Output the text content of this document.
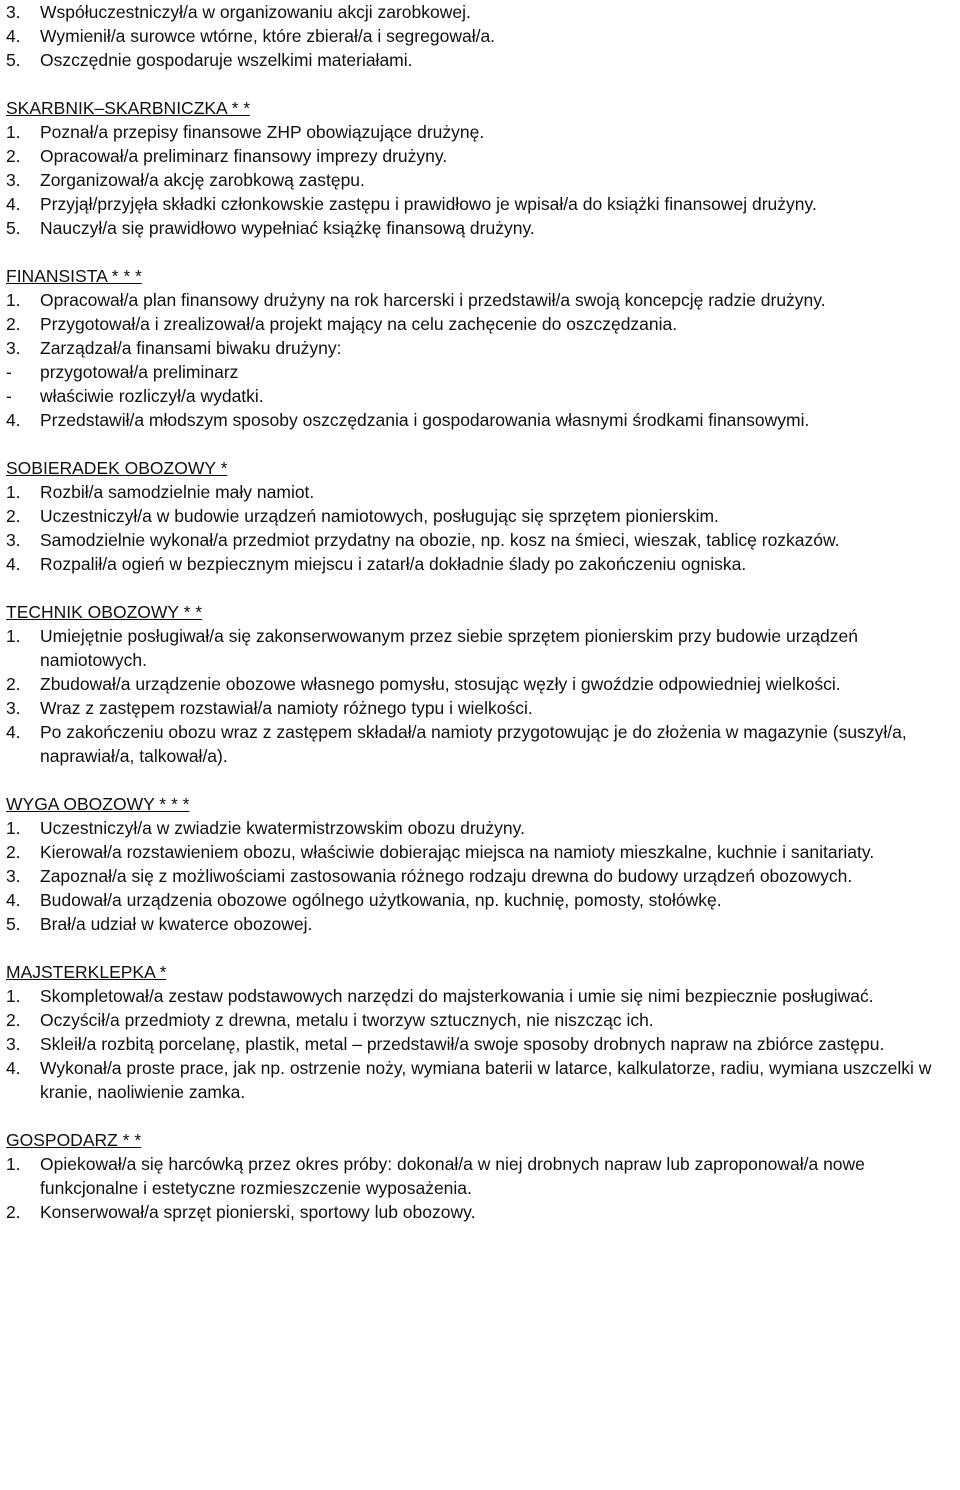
3.	Współuczestniczył/a w organizowaniu akcji zarobkowej.
4.	Wymienił/a surowce wtórne, które zbierał/a i segregował/a.
5.	Oszczędnie gospodaruje wszelkimi materiałami.
SKARBNIK–SKARBNICZKA * *
1.	Poznał/a przepisy finansowe ZHP obowiązujące drużynę.
2.	Opracował/a preliminarz finansowy imprezy drużyny.
3.	Zorganizował/a akcję zarobkową zastępu.
4.	Przyjął/przyjęła składki członkowskie zastępu i prawidłowo je wpisał/a do książki finansowej drużyny.
5.	Nauczył/a się prawidłowo wypełniać książkę finansową drużyny.
FINANSISTA * * *
1.	Opracował/a plan finansowy drużyny na rok harcerski i przedstawił/a swoją koncepcję radzie drużyny.
2.	Przygotował/a i zrealizował/a projekt mający na celu zachęcenie do oszczędzania.
3.	Zarządzał/a finansami biwaku drużyny:
-	przygotował/a preliminarz
-	właściwie rozliczył/a wydatki.
4.	Przedstawił/a młodszym sposoby oszczędzania i gospodarowania własnymi środkami finansowymi.
SOBIERADEK OBOZOWY *
1.	Rozbił/a samodzielnie mały namiot.
2.	Uczestniczył/a w budowie urządzeń namiotowych, posługując się sprzętem pionierskim.
3.	Samodzielnie wykonał/a przedmiot przydatny na obozie, np. kosz na śmieci, wieszak, tablicę rozkazów.
4.	Rozpalił/a ogień w bezpiecznym miejscu i zatarł/a dokładnie ślady po zakończeniu ogniska.
TECHNIK OBOZOWY * *
1.	Umiejętnie posługiwał/a się zakonserwowanym przez siebie sprzętem pionierskim przy budowie urządzeń namiotowych.
2.	Zbudował/a urządzenie obozowe własnego pomysłu, stosując węzły i gwoździe odpowiedniej wielkości.
3.	Wraz z zastępem rozstawiał/a namioty różnego typu i wielkości.
4.	Po zakończeniu obozu wraz z zastępem składał/a namioty przygotowując je do złożenia w magazynie (suszył/a, naprawiał/a, talkował/a).
WYGA OBOZOWY * * *
1.	Uczestniczył/a w zwiadzie kwatermistrzowskim obozu drużyny.
2.	Kierował/a rozstawieniem obozu, właściwie dobierając miejsca na namioty mieszkalne, kuchnie i sanitariaty.
3.	Zapoznał/a się z możliwościami zastosowania różnego rodzaju drewna do budowy urządzeń obozowych.
4.	Budował/a urządzenia obozowe ogólnego użytkowania, np. kuchnię, pomosty, stołówkę.
5.	Brał/a udział w kwaterce obozowej.
MAJSTERKLEPKA *
1.	Skompletował/a zestaw podstawowych narzędzi do majsterkowania i umie się nimi bezpiecznie posługiwać.
2.	Oczyścił/a przedmioty z drewna, metalu i tworzyw sztucznych, nie niszcząc ich.
3.	Skleił/a rozbitą porcelanę, plastik, metal – przedstawił/a swoje sposoby drobnych napraw na zbiórce zastępu.
4.	Wykonał/a proste prace, jak np. ostrzenie noży, wymiana baterii w latarce, kalkulatorze, radiu, wymiana uszczelki w kranie, naoliwienie zamka.
GOSPODARZ * *
1.	Opiekował/a się harcówką przez okres próby: dokonał/a w niej drobnych napraw lub zaproponował/a nowe funkcjonalne i estetyczne rozmieszczenie wyposażenia.
2.	Konserwował/a sprzęt pionierski, sportowy lub obozowy.
